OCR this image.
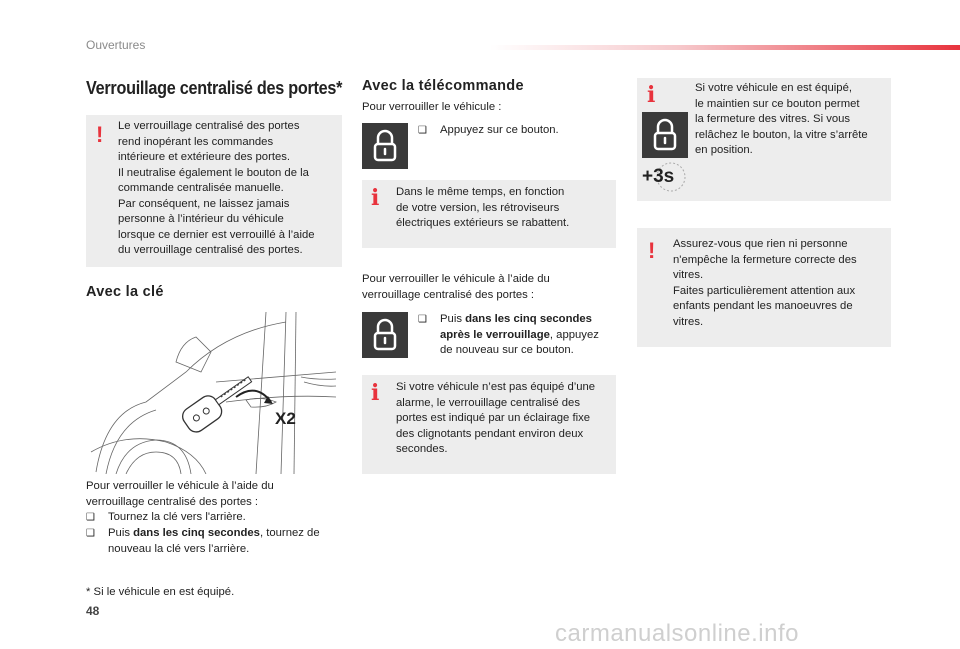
Ouvertures
Verrouillage centralisé des portes*
! Le verrouillage centralisé des portes
rend inopérant les commandes
intérieure et extérieure des portes.
Il neutralise également le bouton de la
commande centralisée manuelle.
Par conséquent, ne laissez jamais
personne à l’intérieur du véhicule
lorsque ce dernier est verrouillé à l’aide
du verrouillage centralisé des portes.
Avec la clé
X2
Pour verrouiller le véhicule à l’aide du
verrouillage centralisé des portes :
❑	Tournez la clé vers l'arrière.
❑	Puis dans les cinq secondes, tournez de
nouveau la clé vers l’arrière.
* Si le véhicule en est équipé.
Avec la télécommande
Pour verrouiller le véhicule :
❑	Appuyez sur ce bouton.
i Dans le même temps, en fonction
de votre version, les rétroviseurs
électriques extérieurs se rabattent.
Pour verrouiller le véhicule à l’aide du
verrouillage centralisé des portes :
❑	Puis dans les cinq secondes
après le verrouillage, appuyez
de nouveau sur ce bouton.
i Si votre véhicule n’est pas équipé d’une
alarme, le verrouillage centralisé des
portes est indiqué par un éclairage fixe
des clignotants pendant environ deux
secondes.
i	Si votre véhicule en est équipé,
le maintien sur ce bouton permet
la fermeture des vitres. Si vous
relâchez le bouton, la vitre s’arrête
en position.
+3s
! Assurez-vous que rien ni personne
n'empêche la fermeture correcte des
vitres.
Faites particulièrement attention aux
enfants pendant les manoeuvres de
vitres.
48
carmanualsonline.info
